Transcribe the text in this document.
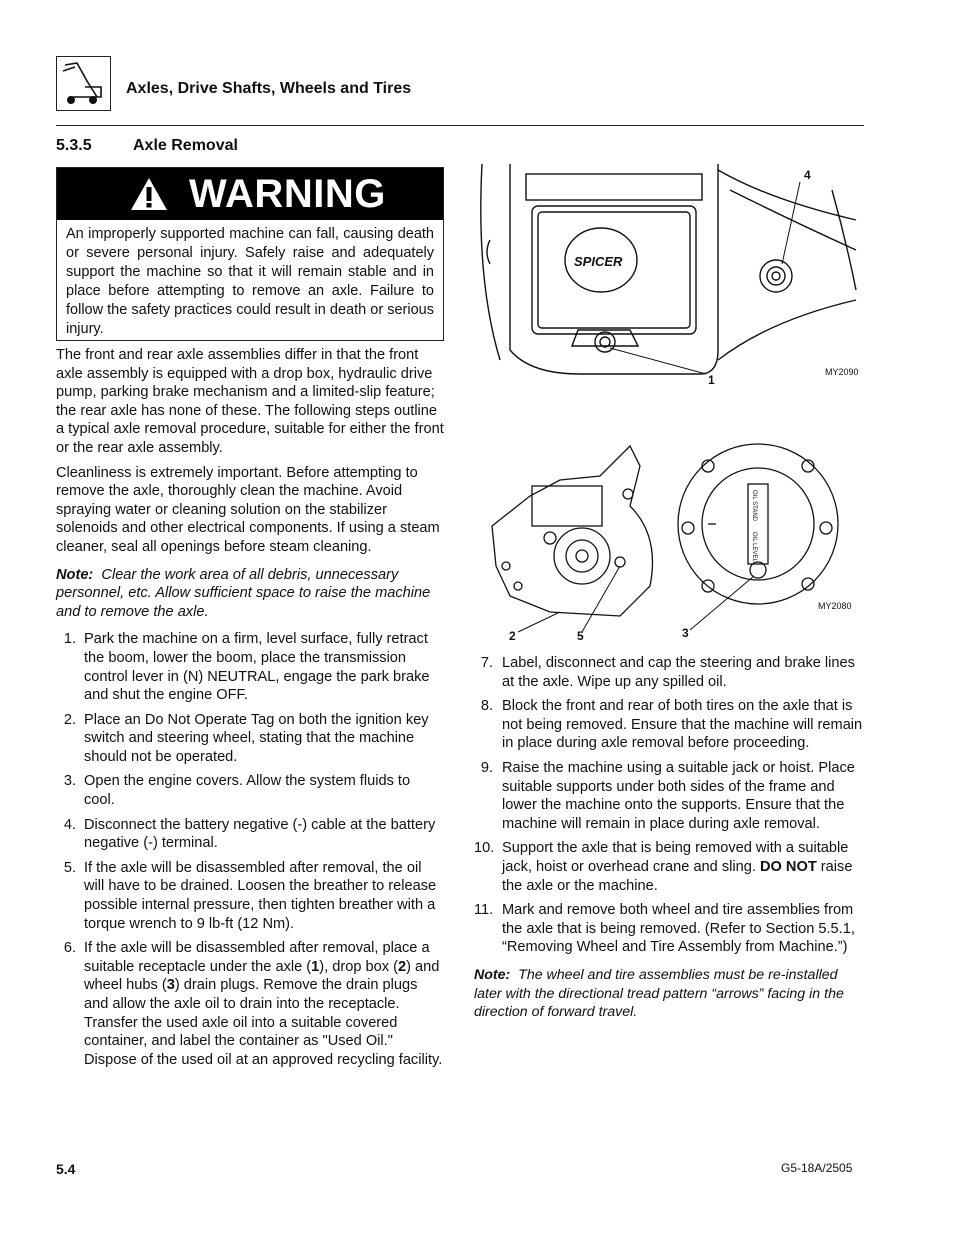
Axles, Drive Shafts, Wheels and Tires
5.3.5	Axle Removal
WARNING
An improperly supported machine can fall, causing death or severe personal injury. Safely raise and adequately support the machine so that it will remain stable and in place before attempting to remove an axle. Failure to follow the safety practices could result in death or serious injury.
The front and rear axle assemblies differ in that the front axle assembly is equipped with a drop box, hydraulic drive pump, parking brake mechanism and a limited-slip feature; the rear axle has none of these. The following steps outline a typical axle removal procedure, suitable for either the front or the rear axle assembly.
Cleanliness is extremely important. Before attempting to remove the axle, thoroughly clean the machine. Avoid spraying water or cleaning solution on the stabilizer solenoids and other electrical components. If using a steam cleaner, seal all openings before steam cleaning.
Note: Clear the work area of all debris, unnecessary personnel, etc. Allow sufficient space to raise the machine and to remove the axle.
1. Park the machine on a firm, level surface, fully retract the boom, lower the boom, place the transmission control lever in (N) NEUTRAL, engage the park brake and shut the engine OFF.
2. Place an Do Not Operate Tag on both the ignition key switch and steering wheel, stating that the machine should not be operated.
3. Open the engine covers. Allow the system fluids to cool.
4. Disconnect the battery negative (-) cable at the battery negative (-) terminal.
5. If the axle will be disassembled after removal, the oil will have to be drained. Loosen the breather to release possible internal pressure, then tighten breather with a torque wrench to 9 lb-ft (12 Nm).
6. If the axle will be disassembled after removal, place a suitable receptacle under the axle (1), drop box (2) and wheel hubs (3) drain plugs. Remove the drain plugs and allow the axle oil to drain into the receptacle. Transfer the used axle oil into a suitable covered container, and label the container as "Used Oil." Dispose of the used oil at an approved recycling facility.
SPICER
1
4
MY2090
OIL STAND
OIL LEVEL
2	5	3
MY2080
7. Label, disconnect and cap the steering and brake lines at the axle. Wipe up any spilled oil.
8. Block the front and rear of both tires on the axle that is not being removed. Ensure that the machine will remain in place during axle removal before proceeding.
9. Raise the machine using a suitable jack or hoist. Place suitable supports under both sides of the frame and lower the machine onto the supports. Ensure that the machine will remain in place during axle removal.
10. Support the axle that is being removed with a suitable jack, hoist or overhead crane and sling. DO NOT raise the axle or the machine.
11. Mark and remove both wheel and tire assemblies from the axle that is being removed. (Refer to Section 5.5.1, “Removing Wheel and Tire Assembly from Machine.”)
Note: The wheel and tire assemblies must be re-installed later with the directional tread pattern “arrows” facing in the direction of forward travel.
5.4	G5-18A/2505
